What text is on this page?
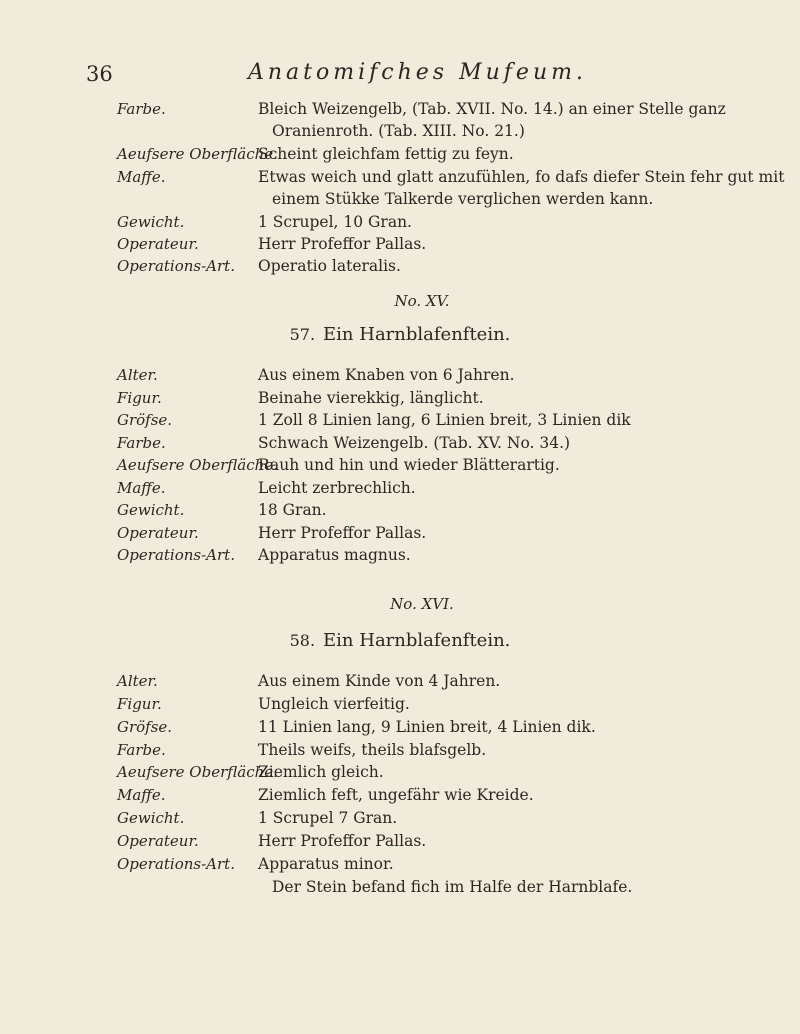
36	Anatomifches Mufeum.
Farbe.	Bleich Weizengelb, (Tab. XVII. No. 14.) an einer Stelle ganz
Oranienroth. (Tab. XIII. No. 21.)
Aeufsere Oberfläche.
Scheint gleichfam fettig zu feyn.
Maffe.	Etwas weich und glatt anzufühlen, fo dafs diefer Stein fehr gut mit
einem Stükke Talkerde verglichen werden kann.
Gewicht.	1 Scrupel, 10 Gran.
Operateur.	Herr Profeffor Pallas.
Operations-Art. Operatio lateralis.
No. XV.
57. Ein Harnblafenftein.
Alter.	Aus einem Knaben von 6 Jahren.
Figur.	Beinahe vierekkig, länglicht.
Gröfse.	1 Zoll 8 Linien lang, 6 Linien breit, 3 Linien dik
Farbe.	Schwach Weizengelb. (Tab. XV. No. 34.)
Aeufsere Oberfläche.
Rauh und hin und wieder Blätterartig.
Maffe.	Leicht zerbrechlich.
Gewicht.	18 Gran.
Operateur.	Herr Profeffor Pallas.
Operations-Art. Apparatus magnus.
No. XVI.
58. Ein Harnblafenftein.
Alter.	Aus einem Kinde von 4 Jahren.
Figur.	Ungleich vierfeitig.
Gröfse.	11 Linien lang, 9 Linien breit, 4 Linien dik.
Farbe.	Theils weifs, theils blafsgelb.
Aeufsere Oberfläche.
Ziemlich gleich.
Maffe.	Ziemlich feft, ungefähr wie Kreide.
Gewicht.	1 Scrupel 7 Gran.
Operateur.	Herr Profeffor Pallas.
Operations-Art. Apparatus minor.
Der Stein befand fich im Halfe der Harnblafe.
